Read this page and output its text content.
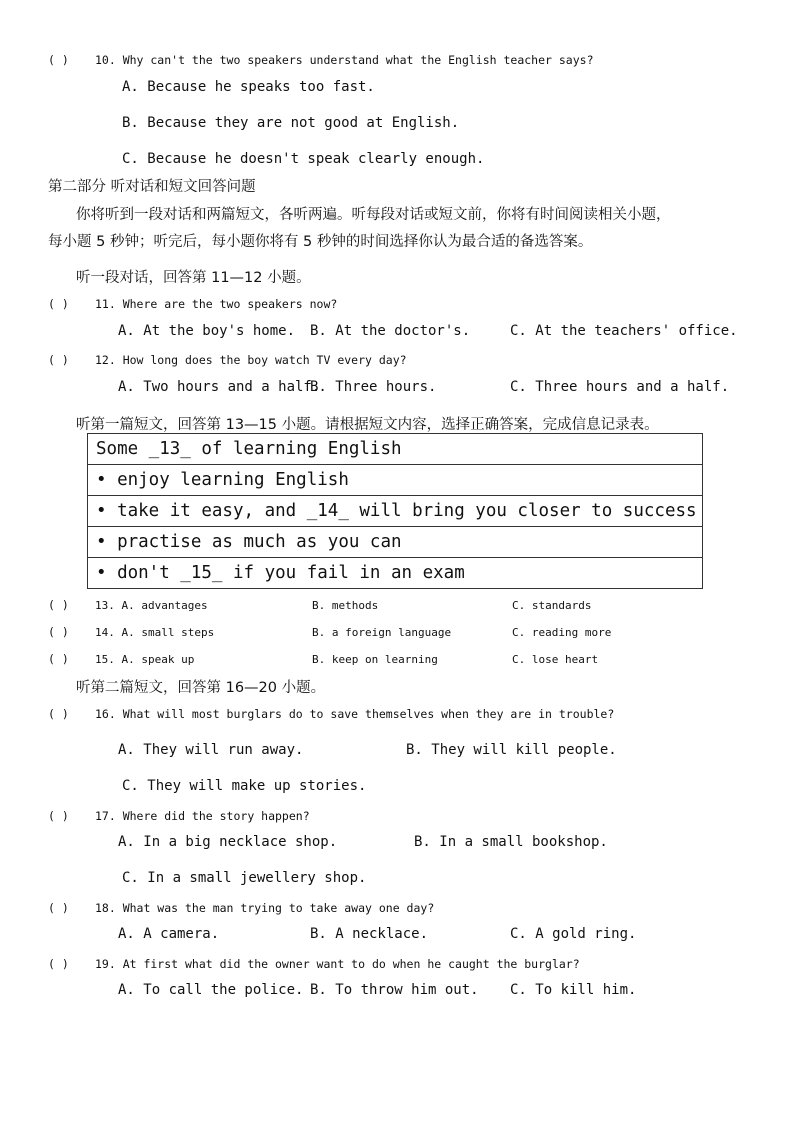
( ) 10. Why can't the two speakers understand what the English teacher says?
A. Because he speaks too fast.
B. Because they are not good at English.
C. Because he doesn't speak clearly enough.
第二部分 听对话和短文回答问题
你将听到一段对话和两篇短文，各听两遍。听每段对话或短文前，你将有时间阅读相关小题，
每小题 5 秒钟；听完后，每小题你将有 5 秒钟的时间选择你认为最合适的备选答案。
听一段对话，回答第 11—12 小题。
( ) 11. Where are the two speakers now?
A. At the boy's home. B. At the doctor's.	C. At the teachers' office.
( ) 12. How long does the boy watch TV every day?
A. Two hours and a half.
B. Three hours.	C. Three hours and a half.
听第一篇短文，回答第 13—15 小题。请根据短文内容，选择正确答案，完成信息记录表。
Some _13_ of learning English
• enjoy learning English
• take it easy, and _14_ will bring you closer to success
• practise as much as you can
• don't _15_ if you fail in an exam
( ) 13. A. advantages	B. methods	C. standards
( ) 14. A. small steps	B. a foreign language	C. reading more
( ) 15. A. speak up	B. keep on learning	C. lose heart
听第二篇短文，回答第 16—20 小题。
( ) 16. What will most burglars do to save themselves when they are in trouble?
A. They will run away.	B. They will kill people.
C. They will make up stories.
( ) 17. Where did the story happen?
A. In a big necklace shop.	B. In a small bookshop.
C. In a small jewellery shop.
( ) 18. What was the man trying to take away one day?
A. A camera.	B. A necklace.	C. A gold ring.
( ) 19. At first what did the owner want to do when he caught the burglar?
A. To call the police. B. To throw him out. C. To kill him.
